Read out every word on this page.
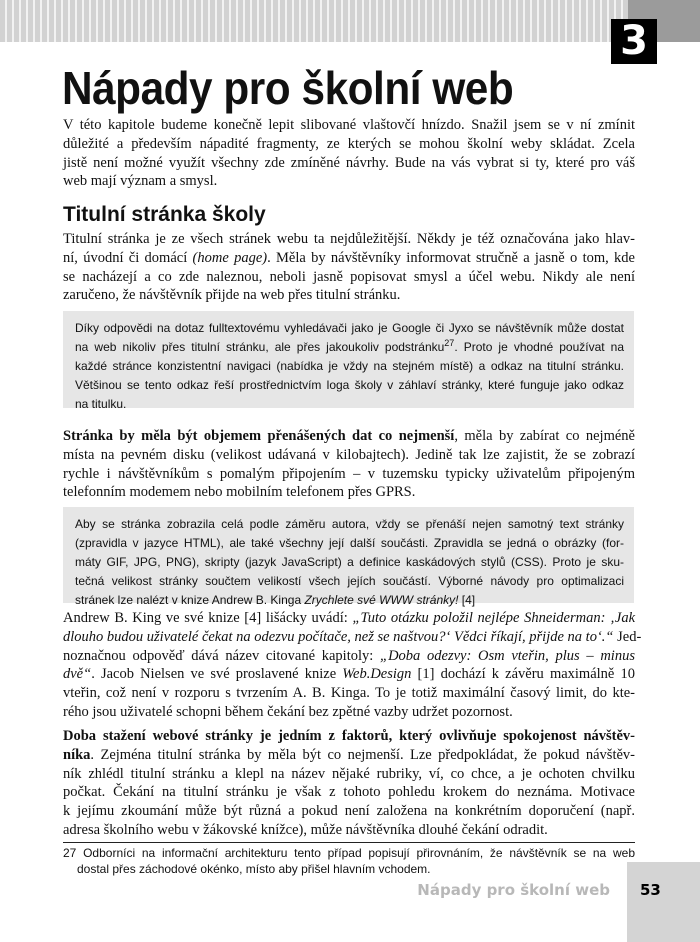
3
Nápady pro školní web
Titulní stránka školy
V této kapitole budeme konečně lepit slibované vlaštovčí hnízdo. Snažil jsem se v ní zmínit
důležité a především nápadité fragmenty, ze kterých se mohou školní weby skládat. Zcela
jistě není možné využít všechny zde zmíněné návrhy. Bude na vás vybrat si ty, které pro váš
web mají význam a smysl.
Titulní stránka je ze všech stránek webu ta nejdůležitější. Někdy je též označována jako hlav-
ní, úvodní či domácí (home page). Měla by návštěvníky informovat stručně a jasně o tom, kde
se nacházejí a co zde naleznou, neboli jasně popisovat smysl a účel webu. Nikdy ale není
zaručeno, že návštěvník přijde na web přes titulní stránku.
Díky odpovědi na dotaz fulltextovému vyhledávači jako je Google či Jyxo se návštěvník může dostat
na web nikoliv přes titulní stránku, ale přes jakoukoliv podstránku$^{27}$. Proto je vhodné používat na
každé stránce konzistentní navigaci (nabídka je vždy na stejném místě) a odkaz na titulní stránku.
Většinou se tento odkaz řeší prostřednictvím loga školy v záhlaví stránky, které funguje jako odkaz
na titulku.
Stránka by měla být objemem přenášených dat co nejmenší, měla by zabírat co nejméně
místa na pevném disku (velikost udávaná v kilobajtech). Jedině tak lze zajistit, že se zobrazí
rychle i návštěvníkům s pomalým připojením – v tuzemsku typicky uživatelům připojeným
telefonním modemem nebo mobilním telefonem přes GPRS.
Aby se stránka zobrazila celá podle záměru autora, vždy se přenáší nejen samotný text stránky
(zpravidla v jazyce HTML), ale také všechny její další součásti. Zpravidla se jedná o obrázky (for-
máty GIF, JPG, PNG), skripty (jazyk JavaScript) a definice kaskádových stylů (CSS). Proto je sku-
tečná velikost stránky součtem velikostí všech jejích součástí. Výborné návody pro optimalizaci
stránek lze nalézt v knize Andrew B. Kinga Zrychlete své WWW stránky! [4]
Andrew B. King ve své knize [4] lišácky uvádí: „Tuto otázku položil nejlépe Shneiderman: ‚Jak
dlouho budou uživatelé čekat na odezvu počítače, než se naštvou?‘ Vědci říkají, přijde na to‘.“ Jed-
noznačnou odpověď dává název citované kapitoly: „Doba odezvy: Osm vteřin, plus – minus
dvě“. Jacob Nielsen ve své proslavené knize Web.Design [1] dochází k závěru maximálně 10
vteřin, což není v rozporu s tvrzením A. B. Kinga. To je totiž maximální časový limit, do kte-
rého jsou uživatelé schopni během čekání bez zpětné vazby udržet pozornost.
Doba stažení webové stránky je jedním z faktorů, který ovlivňuje spokojenost návštěv-
níka. Zejména titulní stránka by měla být co nejmenší. Lze předpokládat, že pokud návštěv-
ník zhlédl titulní stránku a klepl na název nějaké rubriky, ví, co chce, a je ochoten chvilku
počkat. Čekání na titulní stránku je však z tohoto pohledu krokem do neznáma. Motivace
k jejímu zkoumání může být různá a pokud není založena na konkrétním doporučení (např.
adresa školního webu v žákovské knížce), může návštěvníka dlouhé čekání odradit.
27 Odborníci na informační architekturu tento případ popisují přirovnáním, že návštěvník se na web
dostal přes záchodové okénko, místo aby přišel hlavním vchodem.
Nápady pro školní web 53
